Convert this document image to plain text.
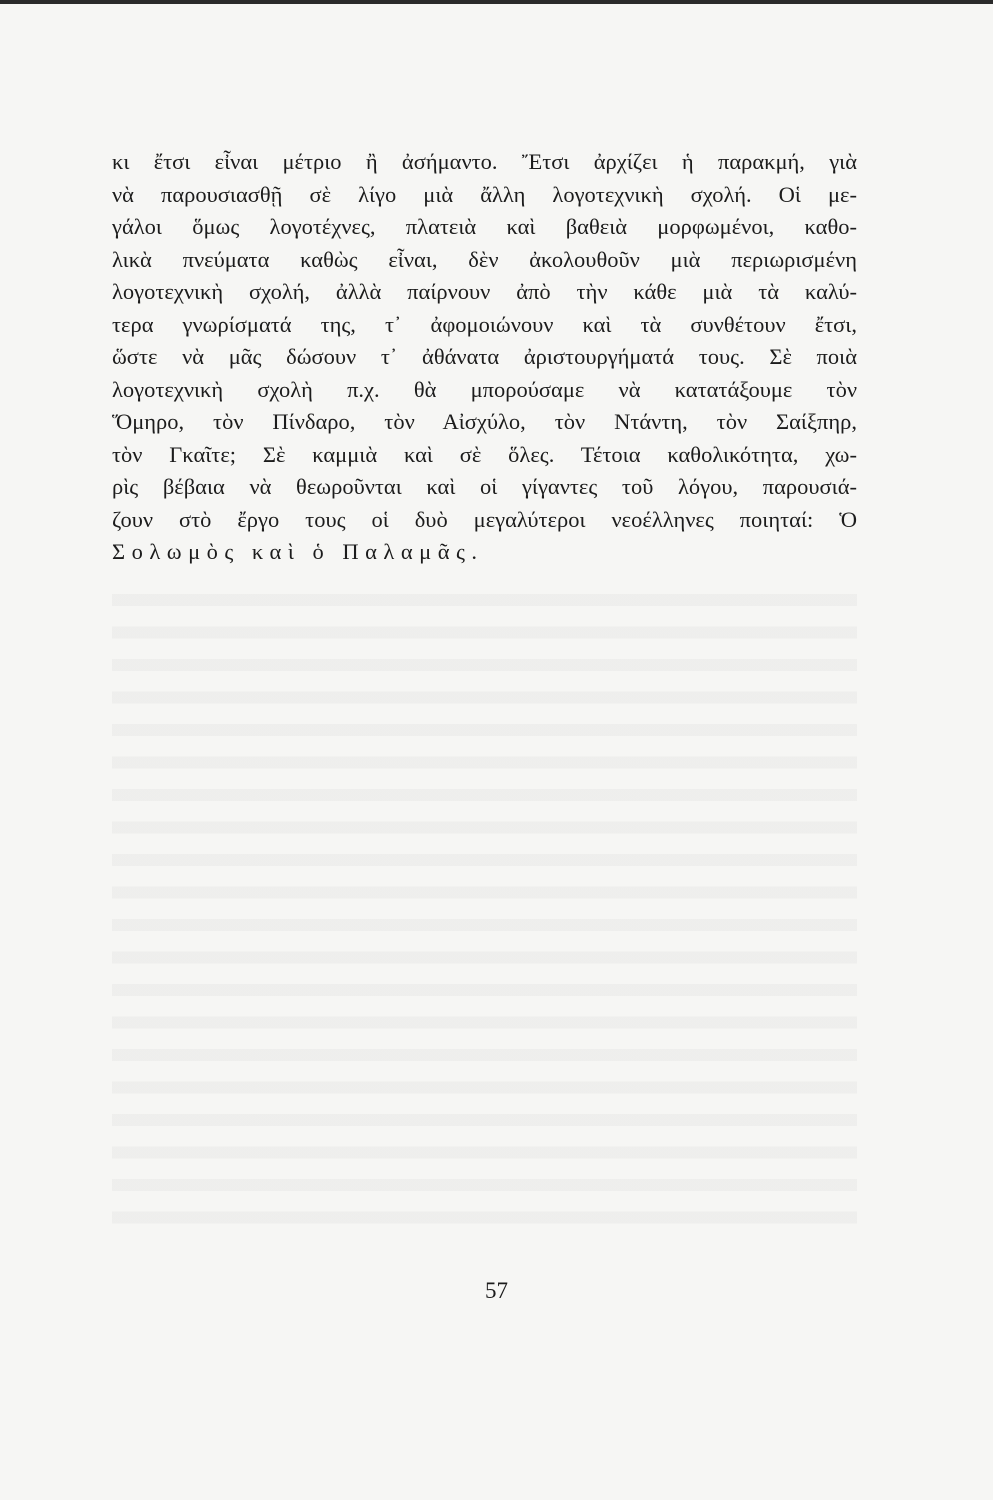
κι ἔτσι εἶναι μέτριο ἢ ἀσήμαντο. Ἔτσι ἀρχίζει ἡ παρακμή, γιὰ
νὰ παρουσιασθῇ σὲ λίγο μιὰ ἄλλη λογοτεχνικὴ σχολή. Οἱ με-
γάλοι ὅμως λογοτέχνες, πλατειὰ καὶ βαθειὰ μορφωμένοι, καθο-
λικὰ πνεύματα καθὼς εἶναι, δὲν ἀκολουθοῦν μιὰ περιωρισμένη
λογοτεχνικὴ σχολή, ἀλλὰ παίρνουν ἀπὸ τὴν κάθε μιὰ τὰ καλύ-
τερα γνωρίσματά της, τ᾽ ἀφομοιώνουν καὶ τὰ συνθέτουν ἔτσι,
ὥστε νὰ μᾶς δώσουν τ᾽ ἀθάνατα ἀριστουργήματά τους. Σὲ ποιὰ
λογοτεχνικὴ σχολὴ π.χ. θὰ μπορούσαμε νὰ κατατάξουμε τὸν
Ὅμηρο, τὸν Πίνδαρο, τὸν Αἰσχύλο, τὸν Ντάντη, τὸν Σαίξπηρ,
τὸν Γκαῖτε; Σὲ καμμιὰ καὶ σὲ ὅλες. Τέτοια καθολικότητα, χω-
ρὶς βέβαια νὰ θεωροῦνται καὶ οἱ γίγαντες τοῦ λόγου, παρουσιά-
ζουν στὸ ἔργο τους οἱ δυὸ μεγαλύτεροι νεοέλληνες ποιηταί: Ὁ
Σολωμὸς καὶ ὁ Παλαμᾶς.
57
